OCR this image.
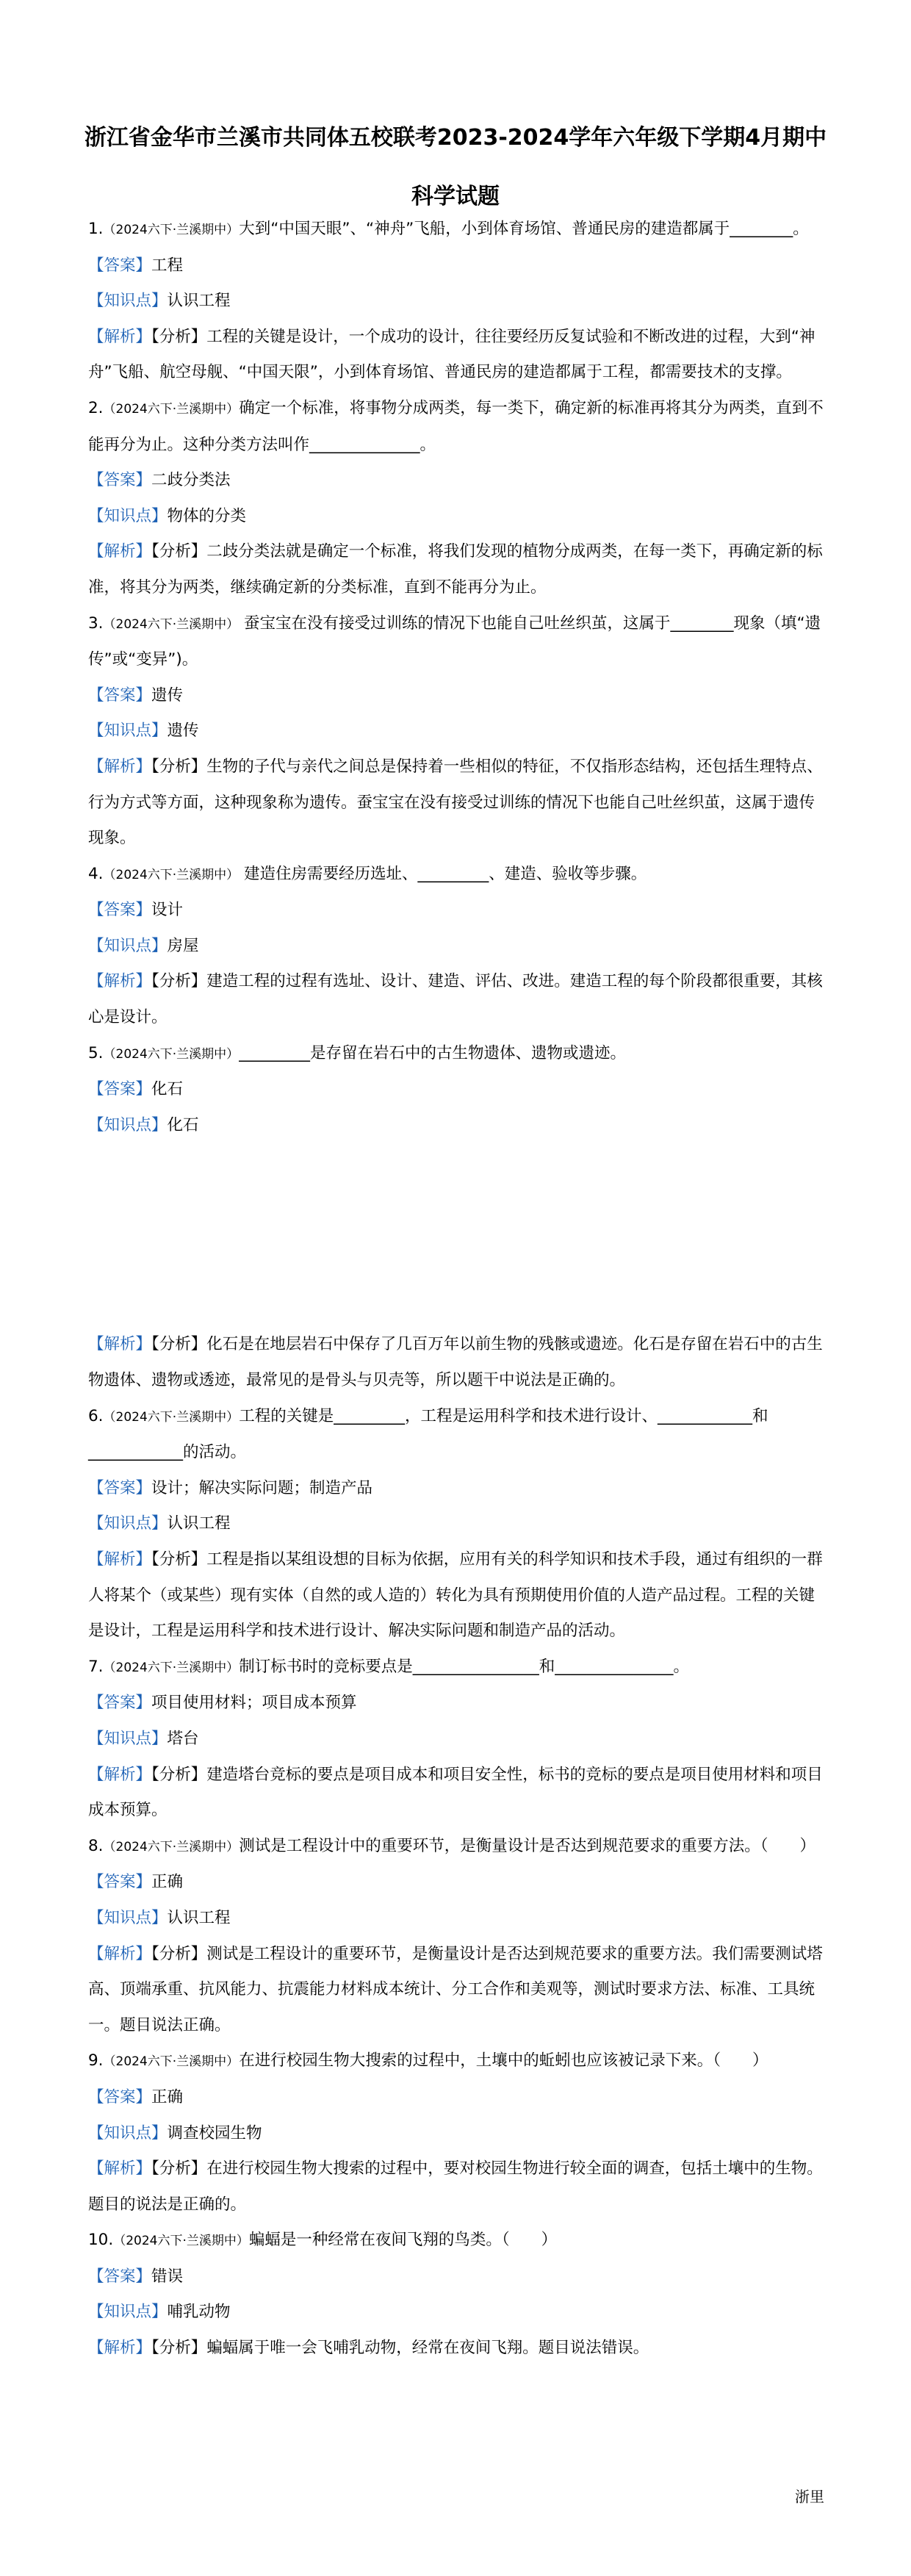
浙江省金华市兰溪市共同体五校联考2023-2024学年六年级下学期4月期中科学试题

1.（2024六下·兰溪期中）大到“中国天眼”、“神舟”飞船，小到体育场馆、普通民房的建造都属于________。

【答案】工程

【知识点】认识工程

【解析】【分析】工程的关键是设计，一个成功的设计，往往要经历反复试验和不断改进的过程，大到“神舟”飞船、航空母舰、“中国天限”，小到体育场馆、普通民房的建造都属于工程，都需要技术的支撑。

2.（2024六下·兰溪期中）确定一个标准，将事物分成两类，每一类下，确定新的标准再将其分为两类，直到不能再分为止。这种分类方法叫作______________。

【答案】二歧分类法

【知识点】物体的分类

【解析】【分析】二歧分类法就是确定一个标准，将我们发现的植物分成两类，在每一类下，再确定新的标准，将其分为两类，继续确定新的分类标准，直到不能再分为止。

3.（2024六下·兰溪期中） 蚕宝宝在没有接受过训练的情况下也能自己吐丝织茧，这属于________现象（填“遗 传”或“变异”)。

【答案】遗传

【知识点】遗传

【解析】【分析】生物的子代与亲代之间总是保持着一些相似的特征，不仅指形态结构，还包括生理特点、行为方式等方面，这种现象称为遗传。蚕宝宝在没有接受过训练的情况下也能自己吐丝织茧，这属于遗传现象。

4.（2024六下·兰溪期中） 建造住房需要经历选址、_________、建造、验收等步骤。

【答案】设计

【知识点】房屋

【解析】【分析】建造工程的过程有选址、设计、建造、评估、改进。建造工程的每个阶段都很重要，其核心是设计。

5.（2024六下·兰溪期中）_________是存留在岩石中的古生物遗体、遗物或遗迹。

【答案】化石

【知识点】化石

【解析】【分析】化石是在地层岩石中保存了几百万年以前生物的残骸或遗迹。化石是存留在岩石中的古生物遗体、遗物或透迹，最常见的是骨头与贝壳等，所以题干中说法是正确的。

6.（2024六下·兰溪期中）工程的关键是_________，工程是运用科学和技术进行设计、____________和____________的活动。

【答案】设计；解决实际问题；制造产品

【知识点】认识工程

【解析】【分析】工程是指以某组设想的目标为依据，应用有关的科学知识和技术手段，通过有组织的一群人将某个（或某些）现有实体（自然的或人造的）转化为具有预期使用价值的人造产品过程。工程的关键是设计，工程是运用科学和技术进行设计、解决实际问题和制造产品的活动。

7.（2024六下·兰溪期中）制订标书时的竞标要点是________________和_______________。

【答案】项目使用材料；项目成本预算

【知识点】塔台

【解析】【分析】建造塔台竞标的要点是项目成本和项目安全性，标书的竞标的要点是项目使用材料和项目成本预算。

8.（2024六下·兰溪期中）测试是工程设计中的重要环节，是衡量设计是否达到规范要求的重要方法。（　　）

【答案】正确

【知识点】认识工程

【解析】【分析】测试是工程设计的重要环节，是衡量设计是否达到规范要求的重要方法。我们需要测试塔高、顶端承重、抗风能力、抗震能力材料成本统计、分工合作和美观等，测试时要求方法、标准、工具统一。题目说法正确。

9.（2024六下·兰溪期中）在进行校园生物大搜索的过程中，土壤中的蚯蚓也应该被记录下来。（　　）

【答案】正确

【知识点】调查校园生物

【解析】【分析】在进行校园生物大搜索的过程中，要对校园生物进行较全面的调查，包括土壤中的生物。题目的说法是正确的。

10.（2024六下·兰溪期中）蝙蝠是一种经常在夜间飞翔的鸟类。（　　）

【答案】错误

【知识点】哺乳动物

【解析】【分析】蝙蝠属于唯一会飞哺乳动物，经常在夜间飞翔。题目说法错误。

浙里
